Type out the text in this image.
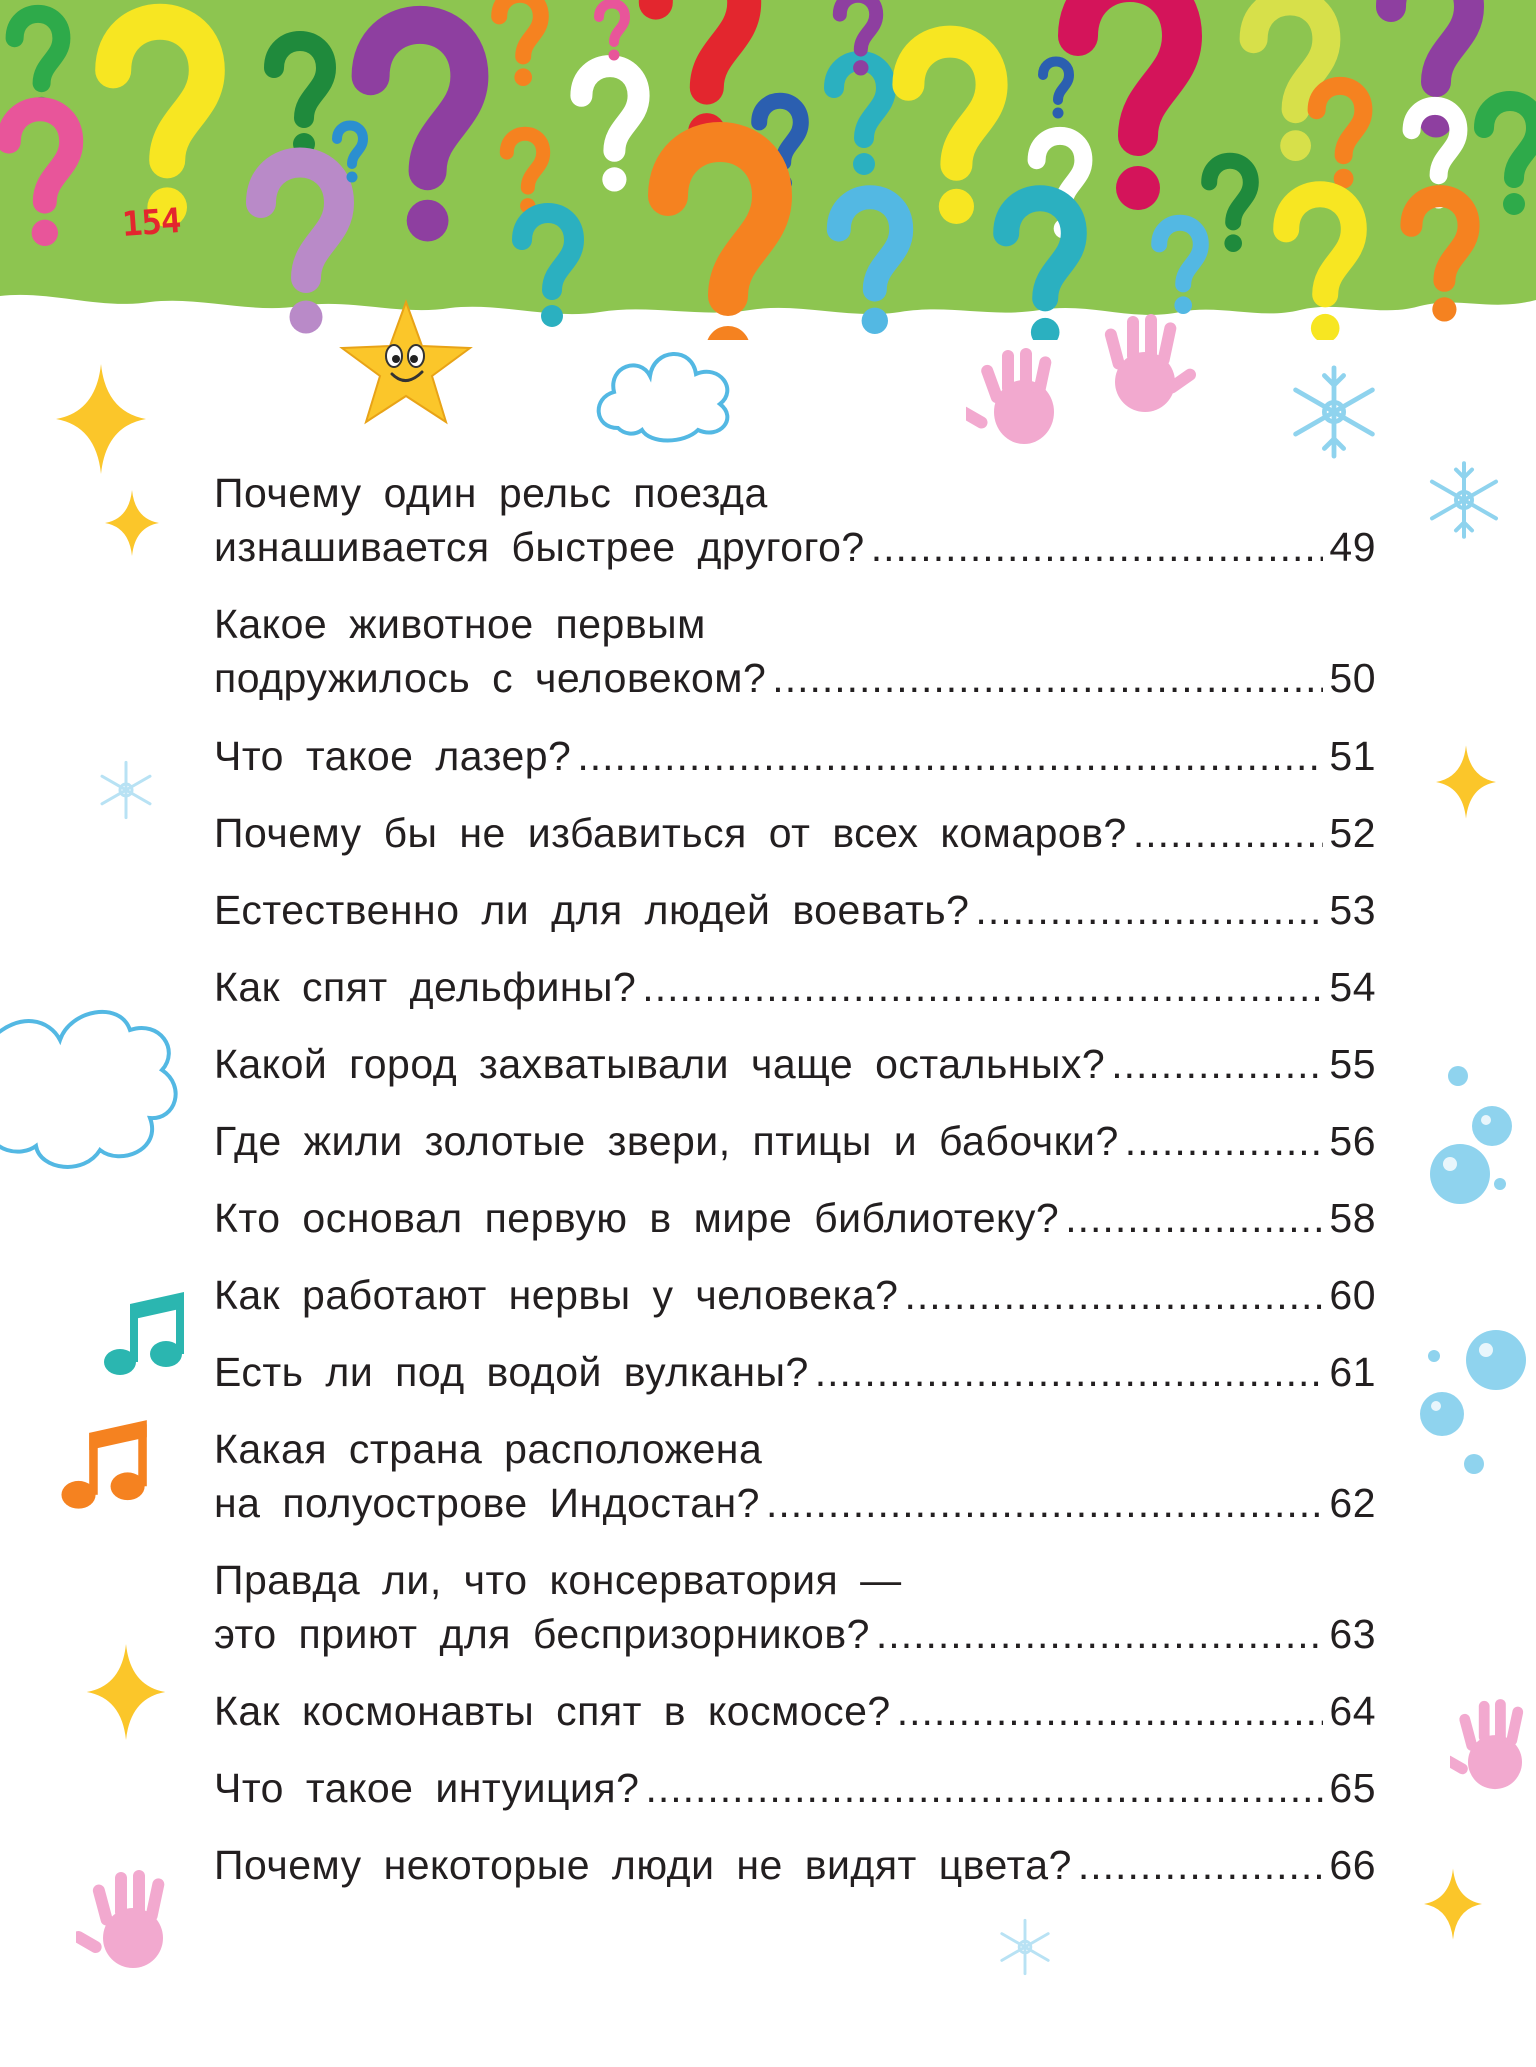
154
Почему один рельс поезда
изнашивается быстрее другого? .....	49
Какое животное первым
подружилось с человеком? .....	50
Что такое лазер? .....	51
Почему бы не избавиться от всех комаров? .....	52
Естественно ли для людей воевать? .....	53
Как спят дельфины? .....	54
Какой город захватывали чаще остальных? .....	55
Где жили золотые звери, птицы и бабочки? .....	56
Кто основал первую в мире библиотеку? .....	58
Как работают нервы у человека? .....	60
Есть ли под водой вулканы? .....	61
Какая страна расположена
на полуострове Индостан? .....	62
Правда ли, что консерватория —
это приют для беспризорников? .....	63
Как космонавты спят в космосе? .....	64
Что такое интуиция? .....	65
Почему некоторые люди не видят цвета? .....	66
